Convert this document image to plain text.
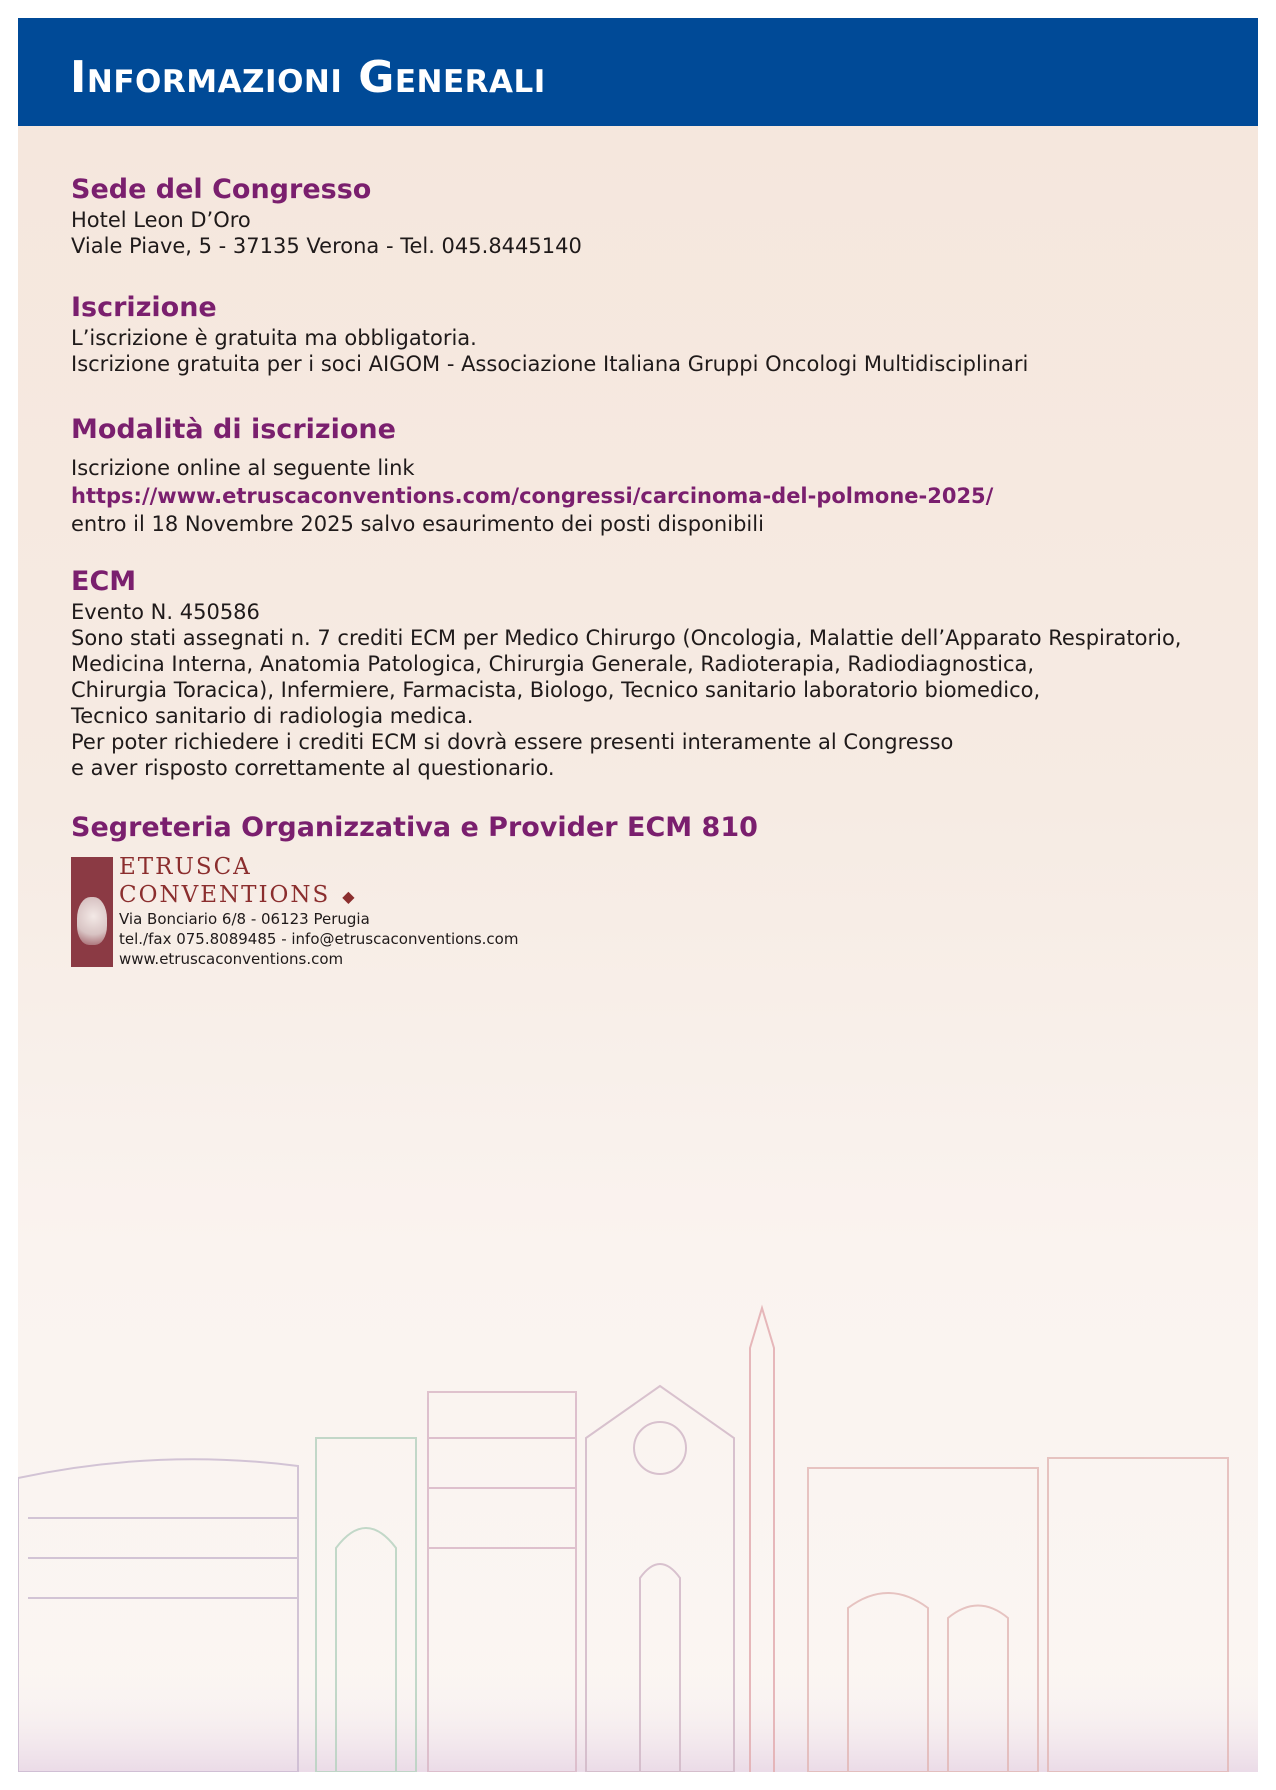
Informazioni Generali

Sede del Congresso

Hotel Leon D’Oro

Viale Piave, 5 - 37135 Verona - Tel. 045.8445140

Iscrizione

L’iscrizione è gratuita ma obbligatoria.

Iscrizione gratuita per i soci AIGOM - Associazione Italiana Gruppi Oncologi Multidisciplinari

Modalità di iscrizione

Iscrizione online al seguente link

https://www.etruscaconventions.com/congressi/carcinoma-del-polmone-2025/

entro il 18 Novembre 2025 salvo esaurimento dei posti disponibili

ECM

Evento N. 450586

Sono stati assegnati n. 7 crediti ECM per Medico Chirurgo (Oncologia, Malattie dell’Apparato Respiratorio,

Medicina Interna, Anatomia Patologica, Chirurgia Generale, Radioterapia, Radiodiagnostica,

Chirurgia Toracica), Infermiere, Farmacista, Biologo, Tecnico sanitario laboratorio biomedico,

Tecnico sanitario di radiologia medica.

Per poter richiedere i crediti ECM si dovrà essere presenti interamente al Congresso

e aver risposto correttamente al questionario.

Segreteria Organizzativa e Provider ECM 810

ETRUSCA
CONVENTIONS ◆

Via Bonciario 6/8 - 06123 Perugia

tel./fax 075.8089485 - info@etruscaconventions.com

www.etruscaconventions.com
